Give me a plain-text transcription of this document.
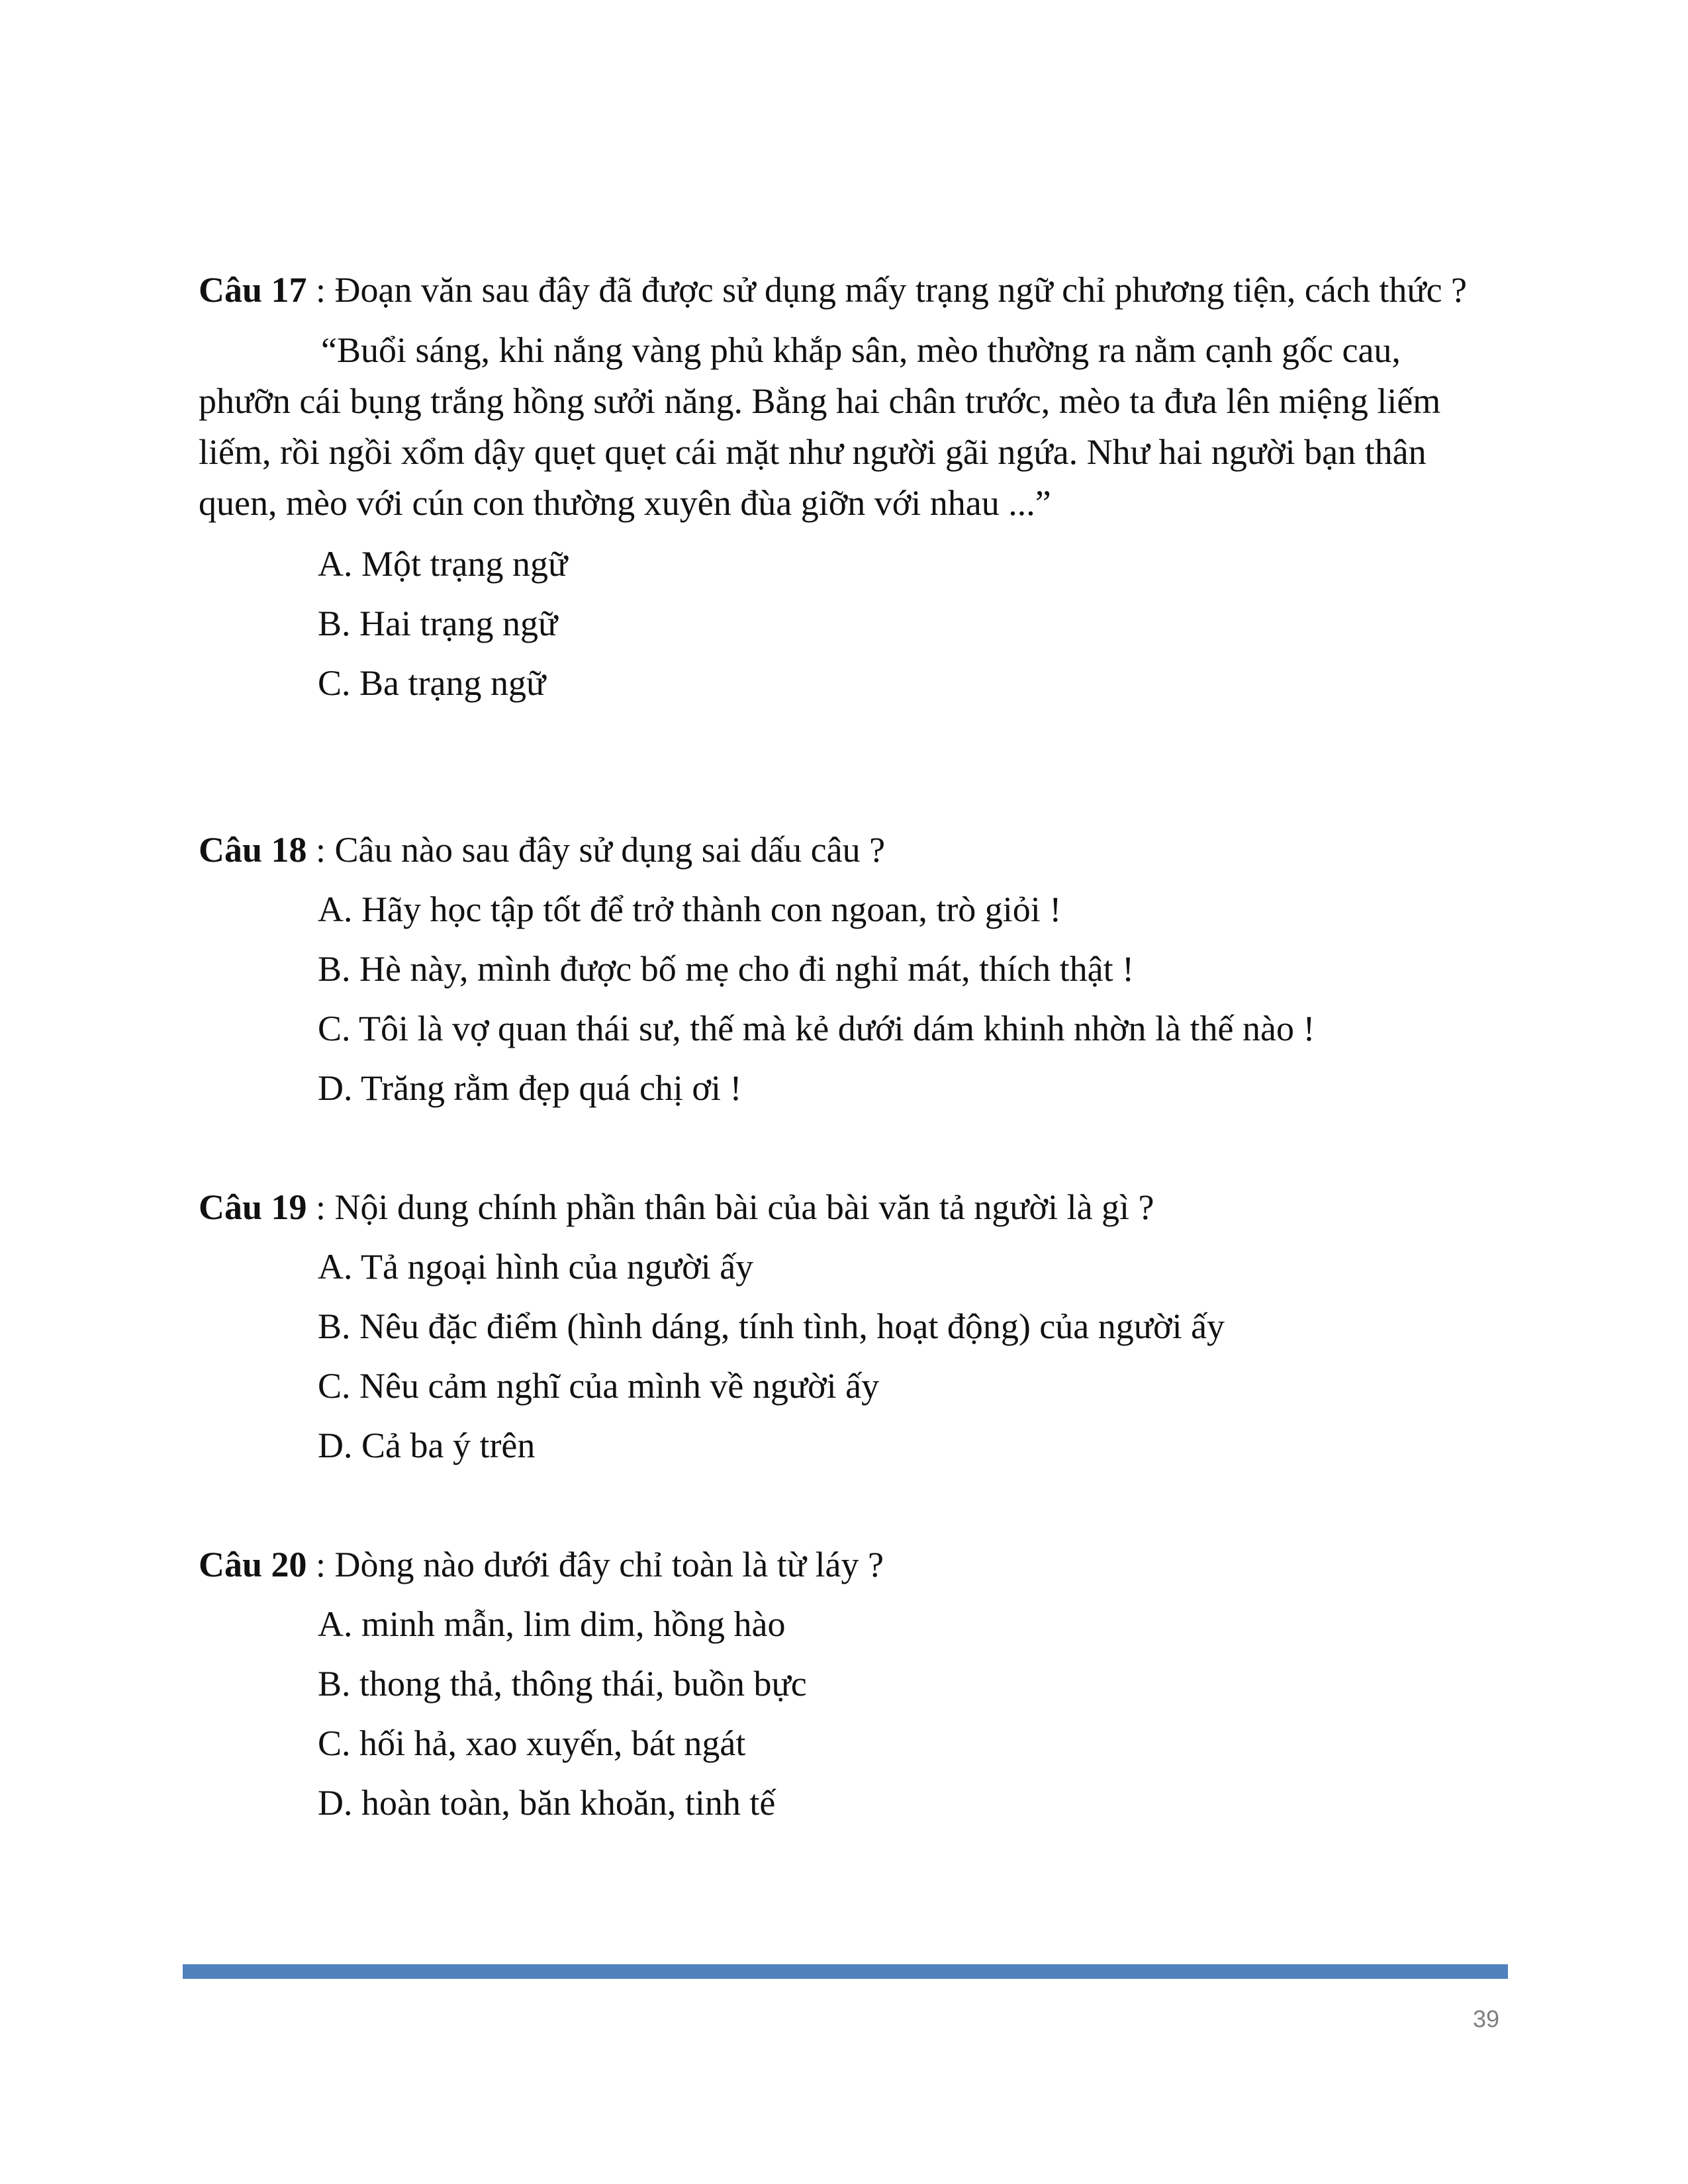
Câu 17 : Đoạn văn sau đây đã được sử dụng mấy trạng ngữ chỉ phương tiện, cách thức ?

“Buổi sáng, khi nắng vàng phủ khắp sân, mèo thường ra nằm cạnh gốc cau, phưỡn cái bụng trắng hồng sưởi năng. Bằng hai chân trước, mèo ta đưa lên miệng liếm liếm, rồi ngồi xổm dậy quẹt quẹt cái mặt như người gãi ngứa. Như hai người bạn thân quen, mèo với cún con thường xuyên đùa giỡn với nhau ...”

A. Một trạng ngữ
B. Hai trạng ngữ
C. Ba trạng ngữ

Câu 18 : Câu nào sau đây sử dụng sai dấu câu ?

A. Hãy học tập tốt để trở thành con ngoan, trò giỏi !
B. Hè này, mình được bố mẹ cho đi nghỉ mát, thích thật !
C. Tôi là vợ quan thái sư, thế mà kẻ dưới dám khinh nhờn là thế nào !
D. Trăng rằm đẹp quá chị ơi !

Câu 19 : Nội dung chính phần thân bài của bài văn tả người là gì ?

A. Tả ngoại hình của người ấy
B. Nêu đặc điểm (hình dáng, tính tình, hoạt động) của người ấy
C. Nêu cảm nghĩ của mình về người ấy
D. Cả ba ý trên

Câu 20 : Dòng nào dưới đây chỉ toàn là từ láy ?

A. minh mẫn, lim dim, hồng hào
B. thong thả, thông thái, buồn bực
C. hối hả, xao xuyến, bát ngát
D. hoàn toàn, băn khoăn, tinh tế
39
